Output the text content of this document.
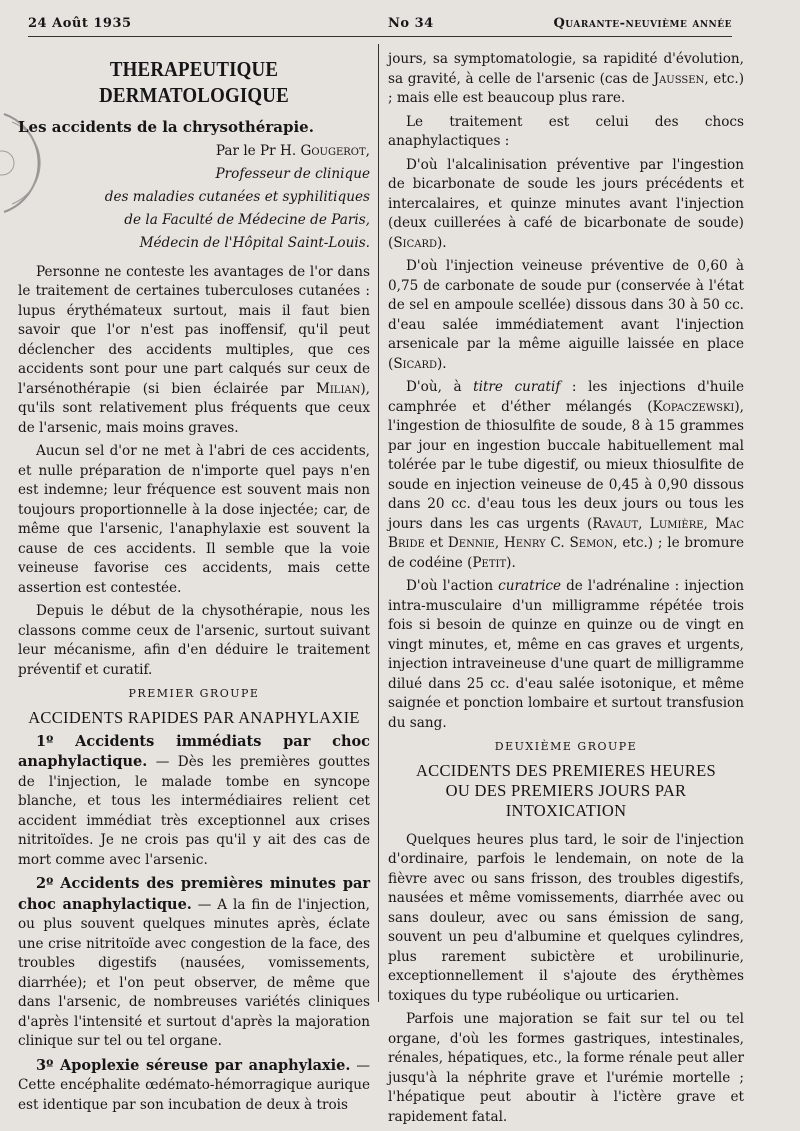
24 Août 1935	No 34	Quarante-neuvième année
THERAPEUTIQUE DERMATOLOGIQUE

Les accidents de la chrysothérapie.

Par le Pr H. Gougerot,

Professeur de clinique

des maladies cutanées et syphilitiques

de la Faculté de Médecine de Paris,

Médecin de l'Hôpital Saint-Louis.

Personne ne conteste les avantages de l'or dans le traitement de certaines tuberculoses cutanées : lupus érythémateux surtout, mais il faut bien savoir que l'or n'est pas inoffensif, qu'il peut déclencher des accidents multiples, que ces accidents sont pour une part calqués sur ceux de l'arsénothérapie (si bien éclairée par Milian), qu'ils sont relativement plus fréquents que ceux de l'arsenic, mais moins graves.

Aucun sel d'or ne met à l'abri de ces accidents, et nulle préparation de n'importe quel pays n'en est indemne; leur fréquence est souvent mais non toujours proportionnelle à la dose injectée; car, de même que l'arsenic, l'anaphylaxie est souvent la cause de ces accidents. Il semble que la voie veineuse favorise ces accidents, mais cette assertion est contestée.

Depuis le début de la chysothérapie, nous les classons comme ceux de l'arsenic, surtout suivant leur mécanisme, afin d'en déduire le traitement préventif et curatif.

PREMIER GROUPE

ACCIDENTS RAPIDES PAR ANAPHYLAXIE

1º Accidents immédiats par choc anaphylactique. — Dès les premières gouttes de l'injection, le malade tombe en syncope blanche, et tous les intermédiaires relient cet accident immédiat très exceptionnel aux crises nitritoïdes. Je ne crois pas qu'il y ait des cas de mort comme avec l'arsenic.

2º Accidents des premières minutes par choc anaphylactique. — A la fin de l'injection, ou plus souvent quelques minutes après, éclate une crise nitritoïde avec congestion de la face, des troubles digestifs (nausées, vomissements, diarrhée); et l'on peut observer, de même que dans l'arsenic, de nombreuses variétés cliniques d'après l'intensité et surtout d'après la majoration clinique sur tel ou tel organe.

3º Apoplexie séreuse par anaphylaxie. — Cette encéphalite œdémato-hémorragique aurique est identique par son incubation de deux à trois

jours, sa symptomatologie, sa rapidité d'évolution, sa gravité, à celle de l'arsenic (cas de Jaussen, etc.) ; mais elle est beaucoup plus rare.

Le traitement est celui des chocs anaphylactiques :

D'où l'alcalinisation préventive par l'ingestion de bicarbonate de soude les jours précédents et intercalaires, et quinze minutes avant l'injection (deux cuillerées à café de bicarbonate de soude) (Sicard).

D'où l'injection veineuse préventive de 0,60 à 0,75 de carbonate de soude pur (conservée à l'état de sel en ampoule scellée) dissous dans 30 à 50 cc. d'eau salée immédiatement avant l'injection arsenicale par la même aiguille laissée en place (Sicard).

D'où, à titre curatif : les injections d'huile camphrée et d'éther mélangés (Kopaczewski), l'ingestion de thiosulfite de soude, 8 à 15 grammes par jour en ingestion buccale habituellement mal tolérée par le tube digestif, ou mieux thiosulfite de soude en injection veineuse de 0,45 à 0,90 dissous dans 20 cc. d'eau tous les deux jours ou tous les jours dans les cas urgents (Ravaut, Lumière, Mac Bride et Dennie, Henry C. Semon, etc.) ; le bromure de codéine (Petit).

D'où l'action curatrice de l'adrénaline : injection intra-musculaire d'un milligramme répétée trois fois si besoin de quinze en quinze ou de vingt en vingt minutes, et, même en cas graves et urgents, injection intraveineuse d'une quart de milligramme dilué dans 25 cc. d'eau salée isotonique, et même saignée et ponction lombaire et surtout transfusion du sang.

DEUXIÈME GROUPE

ACCIDENTS DES PREMIERES HEURES OU DES PREMIERS JOURS PAR INTOXICATION

Quelques heures plus tard, le soir de l'injection d'ordinaire, parfois le lendemain, on note de la fièvre avec ou sans frisson, des troubles digestifs, nausées et même vomissements, diarrhée avec ou sans douleur, avec ou sans émission de sang, souvent un peu d'albumine et quelques cylindres, plus rarement subictère et urobilinurie, exceptionnellement il s'ajoute des érythèmes toxiques du type rubéolique ou urticarien.

Parfois une majoration se fait sur tel ou tel organe, d'où les formes gastriques, intestinales, rénales, hépatiques, etc., la forme rénale peut aller jusqu'à la néphrite grave et l'urémie mortelle ; l'hépatique peut aboutir à l'ictère grave et rapidement fatal.
